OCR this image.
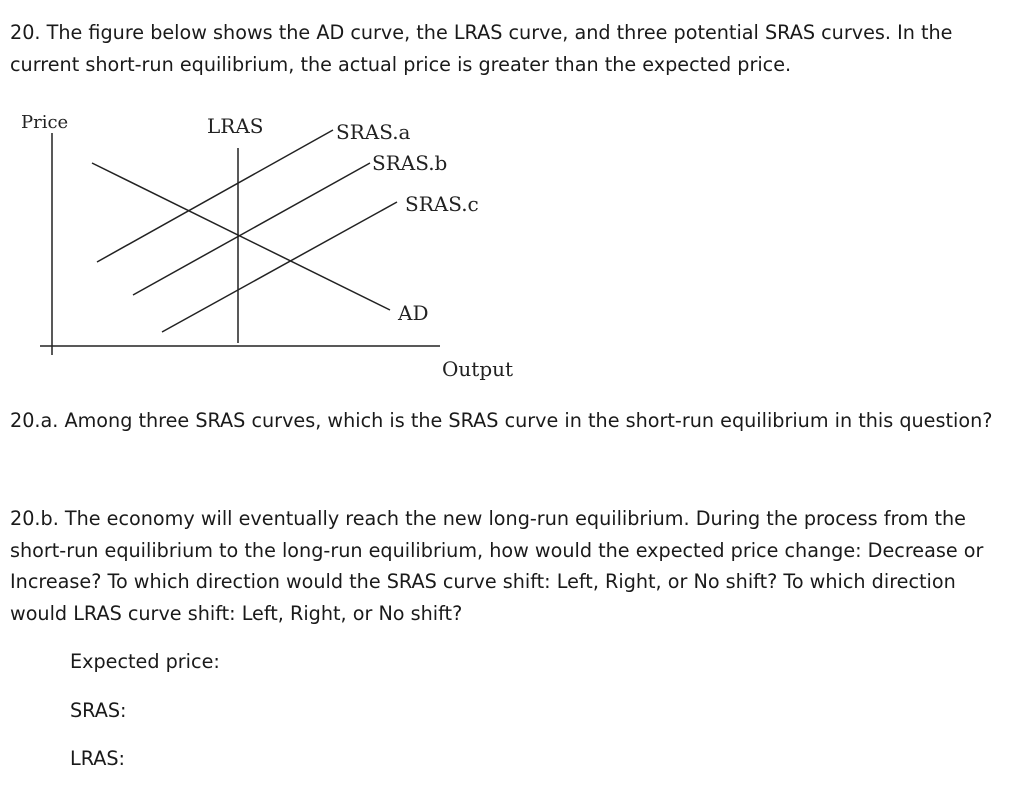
20. The figure below shows the AD curve, the LRAS curve, and three potential SRAS curves. In the current short-run equilibrium, the actual price is greater than the expected price.

Price	LRAS	SRAS.a
SRAS.b
SRAS.c
AD
Output

20.a. Among three SRAS curves, which is the SRAS curve in the short-run equilibrium in this question?

20.b. The economy will eventually reach the new long-run equilibrium. During the process from the short-run equilibrium to the long-run equilibrium, how would the expected price change: Decrease or Increase? To which direction would the SRAS curve shift: Left, Right, or No shift? To which direction would LRAS curve shift: Left, Right, or No shift?

Expected price:
SRAS:
LRAS:
